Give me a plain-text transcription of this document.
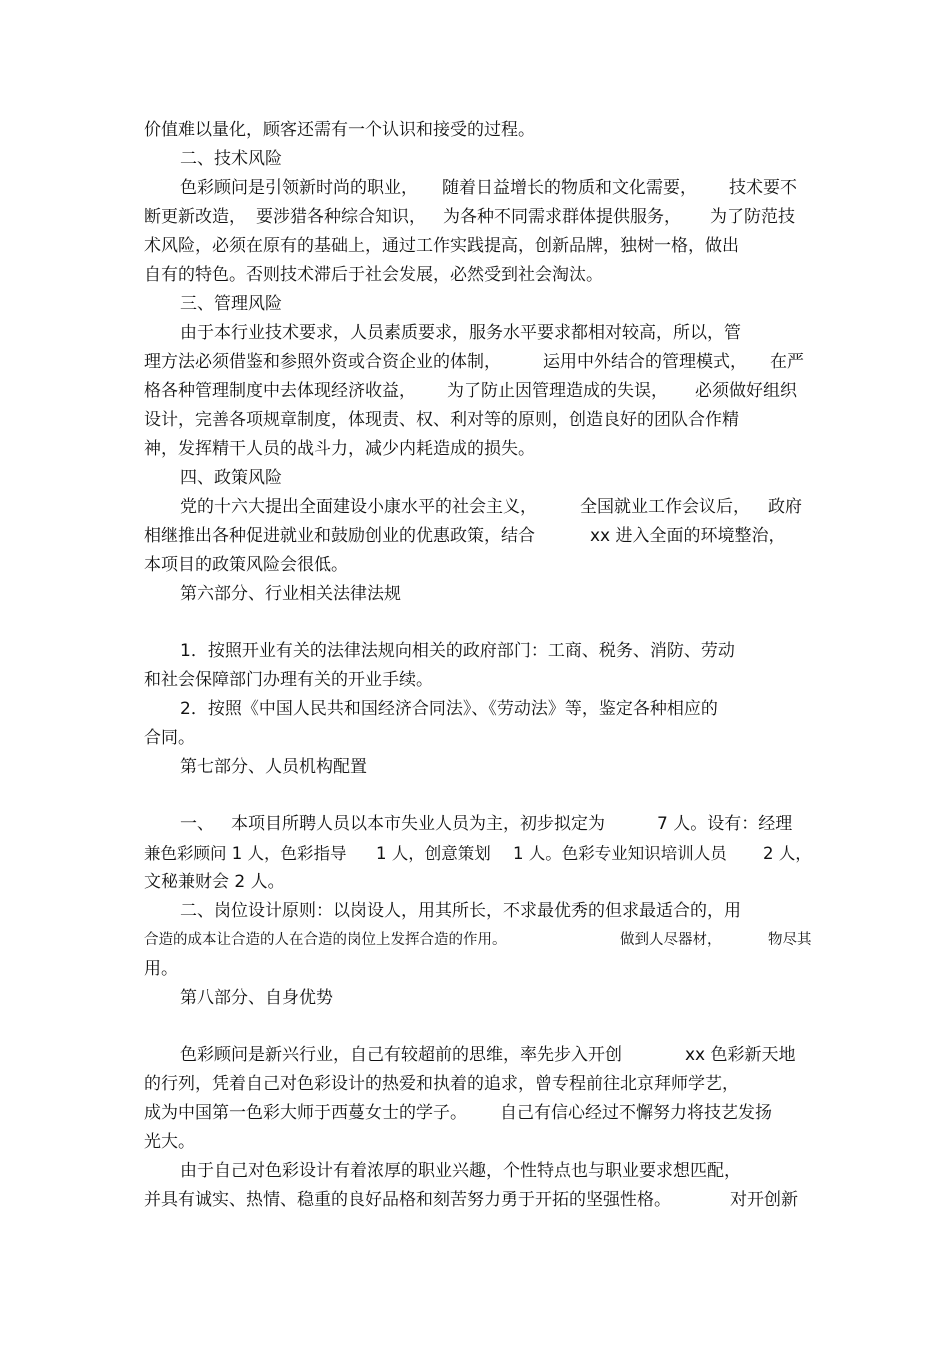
价值难以量化，顾客还需有一个认识和接受的过程。
二、技术风险
色彩顾问是引领新时尚的职业， 随着日益增长的物质和文化需要， 技术要不
断更新改造， 要涉猎各种综合知识， 为各种不同需求群体提供服务， 为了防范技
术风险，必须在原有的基础上，通过工作实践提高，创新品牌，独树一格，做出
自有的特色。否则技术滞后于社会发展，必然受到社会淘汰。
三、管理风险
由于本行业技术要求，人员素质要求，服务水平要求都相对较高，所以，管
理方法必须借鉴和参照外资或合资企业的体制， 运用中外结合的管理模式， 在严
格各种管理制度中去体现经济收益， 为了防止因管理造成的失误， 必须做好组织
设计，完善各项规章制度，体现责、权、利对等的原则，创造良好的团队合作精
神，发挥精干人员的战斗力，减少内耗造成的损失。
四、政策风险
党的十六大提出全面建设小康水平的社会主义，	全国就业工作会议后， 政府
相继推出各种促进就业和鼓励创业的优惠政策，结合	xx 进入全面的环境整治，
本项目的政策风险会很低。
第六部分、行业相关法律法规
1．按照开业有关的法律法规向相关的政府部门：工商、税务、消防、劳动
和社会保障部门办理有关的开业手续。
2．按照《中国人民共和国经济合同法》、《劳动法》等，鉴定各种相应的
合同。
第七部分、人员机构配置
一、 本项目所聘人员以本市失业人员为主，初步拟定为	7 人。设有：经理
兼色彩顾问 1 人，色彩指导 1 人，创意策划 1 人。色彩专业知识培训人员 2 人，
文秘兼财会 2 人。
二、岗位设计原则：以岗设人，用其所长，不求最优秀的但求最适合的，用
合造的成本让合造的人在合造的岗位上发挥合造的作用。	做到人尽器材，	物尽其
用。
第八部分、自身优势
色彩顾问是新兴行业，自己有较超前的思维，率先步入开创	xx 色彩新天地
的行列，凭着自己对色彩设计的热爱和执着的追求，曾专程前往北京拜师学艺，
成为中国第一色彩大师于西蔓女士的学子。 自己有信心经过不懈努力将技艺发扬
光大。
由于自己对色彩设计有着浓厚的职业兴趣，个性特点也与职业要求想匹配，
并具有诚实、热情、稳重的良好品格和刻苦努力勇于开拓的坚强性格。	对开创新
